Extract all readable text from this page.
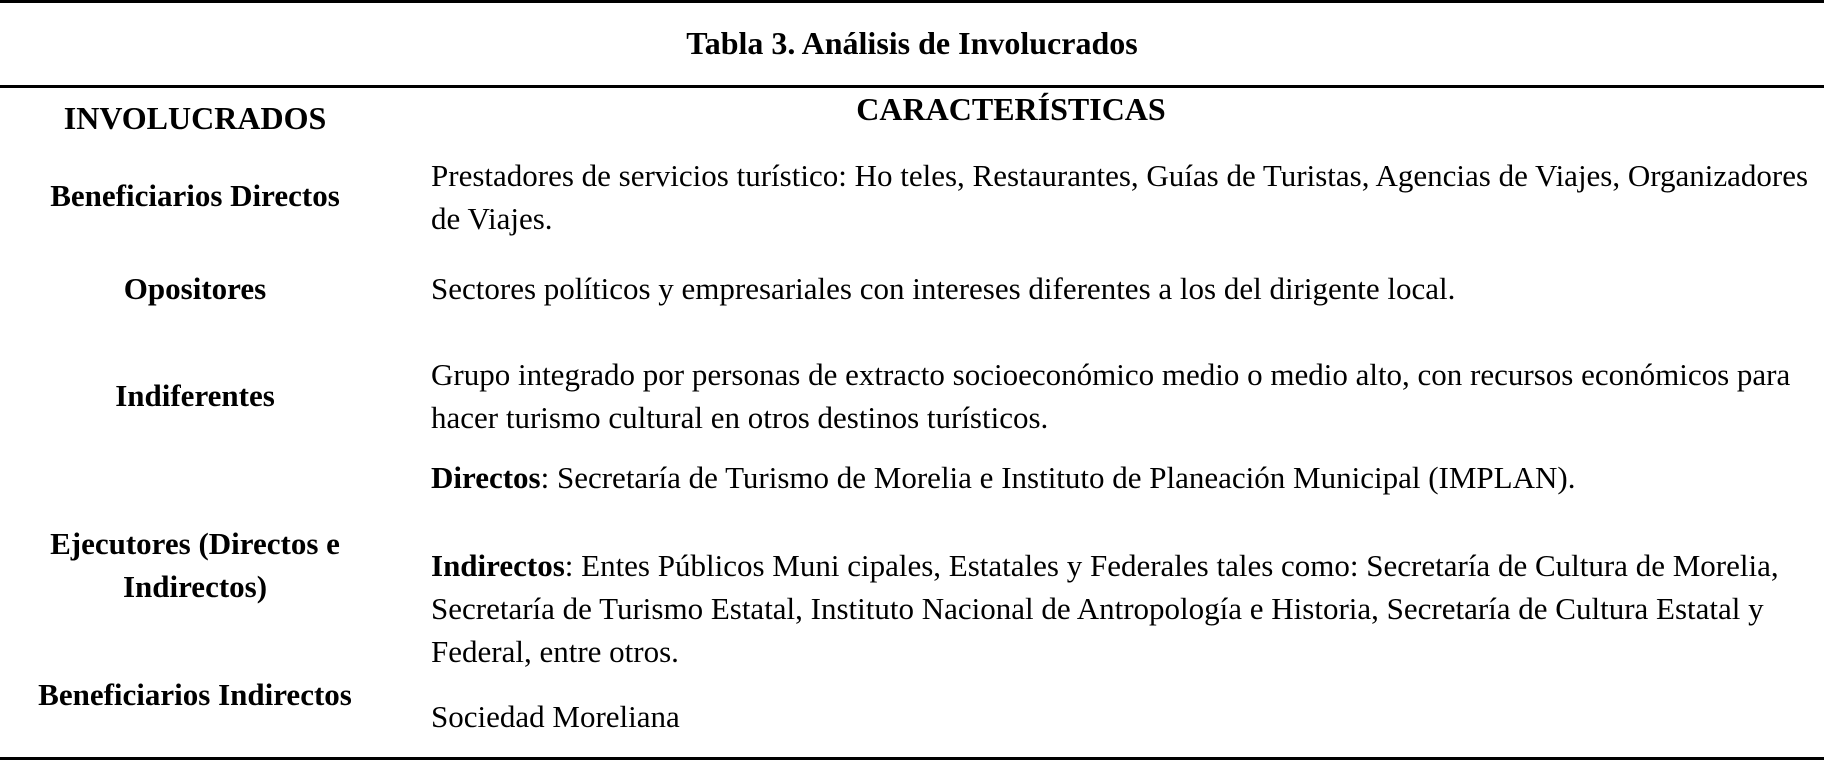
Tabla 3. Análisis de Involucrados
INVOLUCRADOS	CARACTERÍSTICAS
Beneficiarios Directos
Prestadores de servicios turístico: Ho teles, Restaurantes, Guías de Turistas, Agencias de Viajes, Organizadores de Viajes.
Opositores	Sectores políticos y empresariales con intereses diferentes a los del dirigente local.
Indiferentes
Grupo integrado por personas de extracto socioeconómico medio o medio alto, con recursos económicos para hacer turismo cultural en otros destinos turísticos.
Ejecutores (Directos e Indirectos)
Directos: Secretaría de Turismo de Morelia e Instituto de Planeación Municipal (IMPLAN).
Indirectos: Entes Públicos Muni cipales, Estatales y Federales tales como: Secretaría de Cultura de Morelia, Secretaría de Turismo Estatal, Instituto Nacional de Antropología e Historia, Secretaría de Cultura Estatal y Federal, entre otros.
Beneficiarios Indirectos
Sociedad Moreliana
